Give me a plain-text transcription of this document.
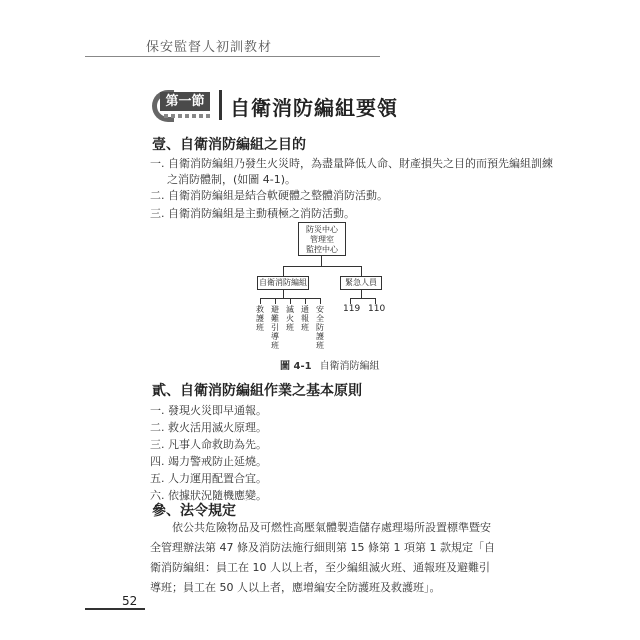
保安監督人初訓教材
第一節 自衛消防編組要領
壹、自衛消防編組之目的
一. 自衛消防編組乃發生火災時，為盡量降低人命、財產損失之目的而預先編組訓練
之消防體制，(如圖 4-1)。
二. 自衛消防編組是結合軟硬體之整體消防活動。
三. 自衛消防編組是主動積極之消防活動。
防災中心
管理室
監控中心
自衛消防編組	緊急人員
救護班
避難引導班
滅火班
通報班
安全防護班
119 110
圖 4-1 自衛消防編組
貳、自衛消防編組作業之基本原則
一. 發現火災即早通報。
二. 救火活用滅火原理。
三. 凡事人命救助為先。
四. 竭力警戒防止延燒。
五. 人力運用配置合宜。
六. 依據狀況隨機應變。
參、法令規定
依公共危險物品及可燃性高壓氣體製造儲存處理場所設置標準暨安全管理辦法第 47 條及消防法施行細則第 15 條第 1 項第 1 款規定「自衛消防編組：員工在 10 人以上者，至少編組滅火班、通報班及避難引導班；員工在 50 人以上者，應增編安全防護班及救護班」。
52
